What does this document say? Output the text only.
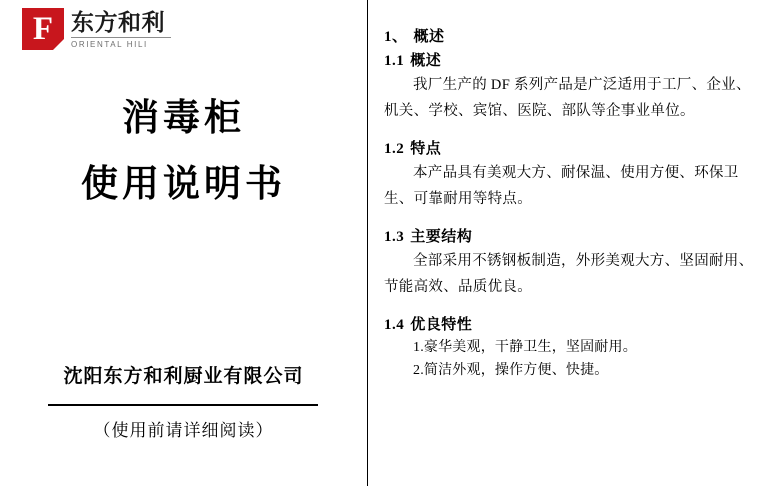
F 东方和利
ORIENTAL HILI
消毒柜
使用说明书
沈阳东方和利厨业有限公司
（使用前请详细阅读）
1、 概述
1.1 概述
我厂生产的 DF 系列产品是广泛适用于工厂、企业、机关、学校、宾馆、医院、部队等企事业单位。
1.2 特点
本产品具有美观大方、耐保温、使用方便、环保卫生、可靠耐用等特点。
1.3 主要结构
全部采用不锈钢板制造，外形美观大方、坚固耐用、节能高效、品质优良。
1.4 优良特性
1.豪华美观，干静卫生，坚固耐用。
2.简洁外观，操作方便、快捷。
